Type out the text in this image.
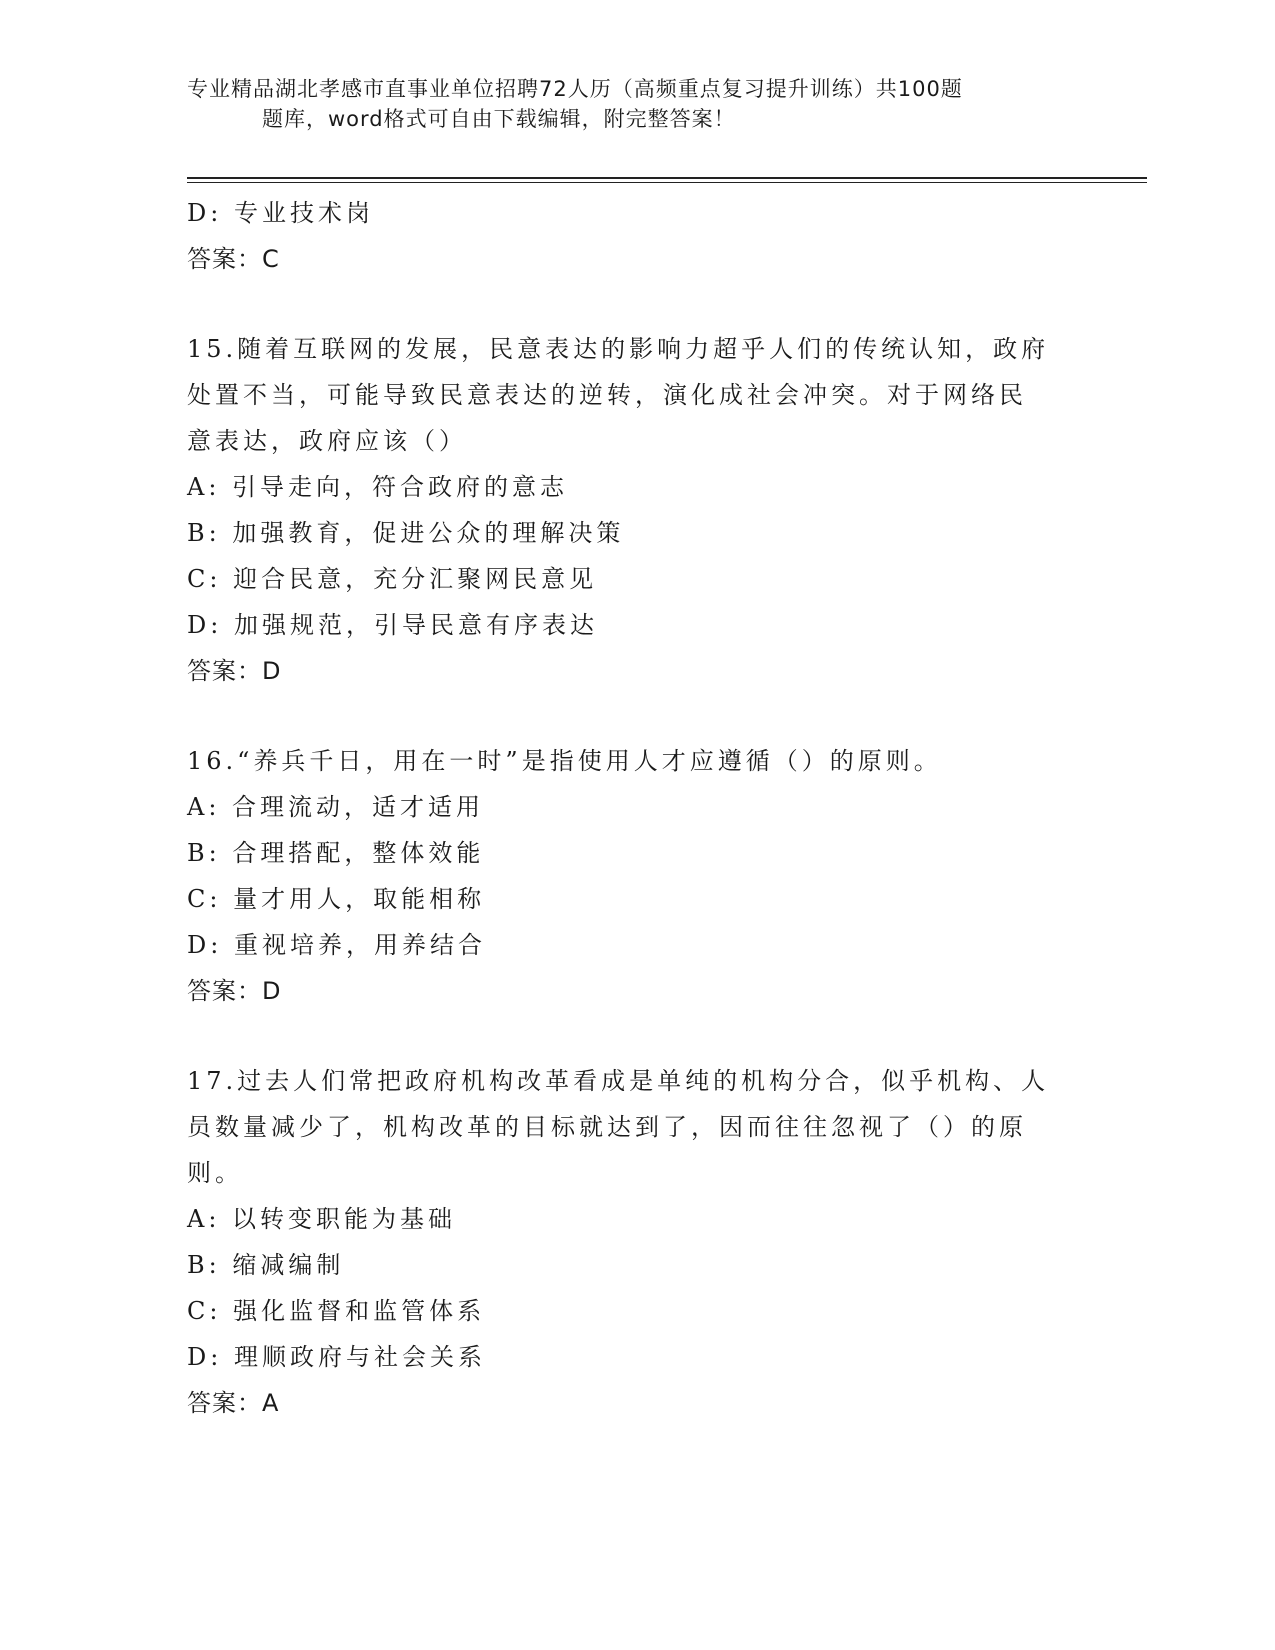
专业精品湖北孝感市直事业单位招聘72人历（高频重点复习提升训练）共100题
题库，word格式可自由下载编辑，附完整答案！
D: 专业技术岗
答案：C
15.随着互联网的发展，民意表达的影响力超乎人们的传统认知，政府
处置不当，可能导致民意表达的逆转，演化成社会冲突。对于网络民
意表达，政府应该（）
A: 引导走向，符合政府的意志
B: 加强教育，促进公众的理解决策
C: 迎合民意，充分汇聚网民意见
D: 加强规范，引导民意有序表达
答案：D
16.“养兵千日，用在一时”是指使用人才应遵循（）的原则。
A: 合理流动，适才适用
B: 合理搭配，整体效能
C: 量才用人，取能相称
D: 重视培养，用养结合
答案：D
17.过去人们常把政府机构改革看成是单纯的机构分合，似乎机构、人
员数量减少了，机构改革的目标就达到了，因而往往忽视了（）的原
则。
A: 以转变职能为基础
B: 缩减编制
C: 强化监督和监管体系
D: 理顺政府与社会关系
答案：A
